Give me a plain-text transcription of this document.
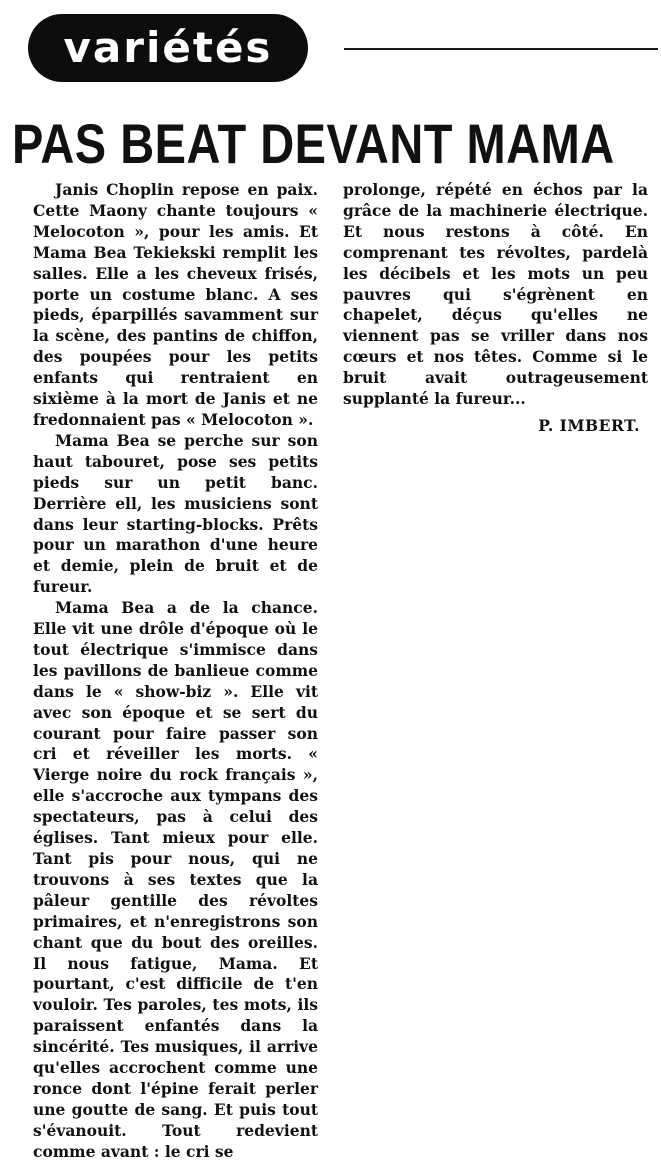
variétés
PAS BEAT DEVANT MAMA

Janis Choplin repose en paix. Cette Maony chante toujours « Melocoton », pour les amis. Et Mama Bea Tekiekski remplit les salles. Elle a les cheveux frisés, porte un costume blanc. A ses pieds, éparpillés savamment sur la scène, des pantins de chiffon, des poupées pour les petits enfants qui rentraient en sixième à la mort de Janis et ne fredonnaient pas « Melocoton ».

Mama Bea se perche sur son haut tabouret, pose ses petits pieds sur un petit banc. Derrière ell, les musiciens sont dans leur starting-blocks. Prêts pour un marathon d'une heure et demie, plein de bruit et de fureur.

Mama Bea a de la chance. Elle vit une drôle d'époque où le tout électrique s'immisce dans les pavillons de banlieue comme dans le « show-biz ». Elle vit avec son époque et se sert du courant pour faire passer son cri et réveiller les morts. « Vierge noire du rock français », elle s'accroche aux tympans des spectateurs, pas à celui des églises. Tant mieux pour elle. Tant pis pour nous, qui ne trouvons à ses textes que la pâleur gentille des révoltes primaires, et n'enregistrons son chant que du bout des oreilles. Il nous fatigue, Mama. Et pourtant, c'est difficile de t'en vouloir. Tes paroles, tes mots, ils paraissent enfantés dans la sincérité. Tes musiques, il arrive qu'elles accrochent comme une ronce dont l'épine ferait perler une goutte de sang. Et puis tout s'évanouit. Tout redevient comme avant : le cri se

prolonge, répété en échos par la grâce de la machinerie électrique. Et nous restons à côté. En comprenant tes révoltes, pardelà les décibels et les mots un peu pauvres qui s'égrènent en chapelet, déçus qu'elles ne viennent pas se vriller dans nos cœurs et nos têtes. Comme si le bruit avait outrageusement supplanté la fureur...

P. IMBERT.
